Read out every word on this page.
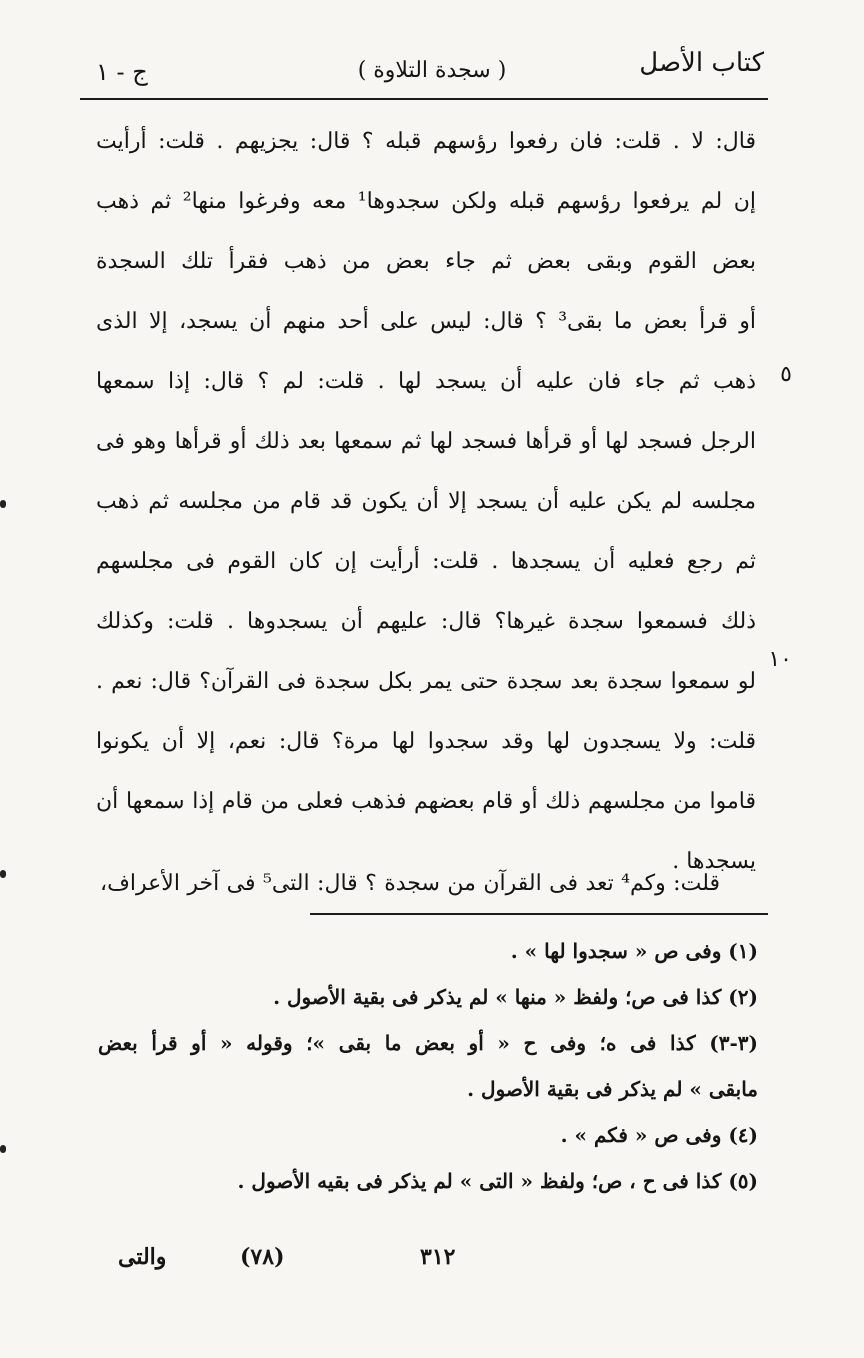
كتاب الأصل
( سجدة التلاوة )
ج - ١
قال: لا . قلت: فان رفعوا رؤسهم قبله ؟ قال: يجزيهم . قلت: أرأيت
إن لم يرفعوا رؤسهم قبله ولكن سجدوها¹ معه وفرغوا منها² ثم ذهب
بعض القوم وبقى بعض ثم جاء بعض من ذهب فقرأ تلك السجدة
أو قرأ بعض ما بقى³ ؟ قال: ليس على أحد منهم أن يسجد، إلا الذى
ذهب ثم جاء فان عليه أن يسجد لها . قلت: لم ؟ قال: إذا سمعها
الرجل فسجد لها أو قرأها فسجد لها ثم سمعها بعد ذلك أو قرأها وهو فى
مجلسه لم يكن عليه أن يسجد إلا أن يكون قد قام من مجلسه ثم ذهب
ثم رجع فعليه أن يسجدها . قلت: أرأيت إن كان القوم فى مجلسهم
ذلك فسمعوا سجدة غيرها؟ قال: عليهم أن يسجدوها . قلت: وكذلك
لو سمعوا سجدة بعد سجدة حتى يمر بكل سجدة فى القرآن؟ قال: نعم .
قلت: ولا يسجدون لها وقد سجدوا لها مرة؟ قال: نعم، إلا أن يكونوا
قاموا من مجلسهم ذلك أو قام بعضهم فذهب فعلى من قام إذا سمعها أن
يسجدها .
٥
١٠
قلت: وكم⁴ تعد فى القرآن من سجدة ؟ قال: التى⁵ فى آخر الأعراف،
(١) وفى ص « سجدوا لها » .
(٢) كذا فى ص؛ ولفظ « منها » لم يذكر فى بقية الأصول .
(٣-٣) كذا فى ه؛ وفى ح « أو بعض ما بقى »؛ وقوله « أو قرأ بعض
مابقى » لم يذكر فى بقية الأصول .
(٤) وفى ص « فكم » .
(٥) كذا فى ح ، ص؛ ولفظ « التى » لم يذكر فى بقيه الأصول .
والتى	(٧٨)	٣١٢
